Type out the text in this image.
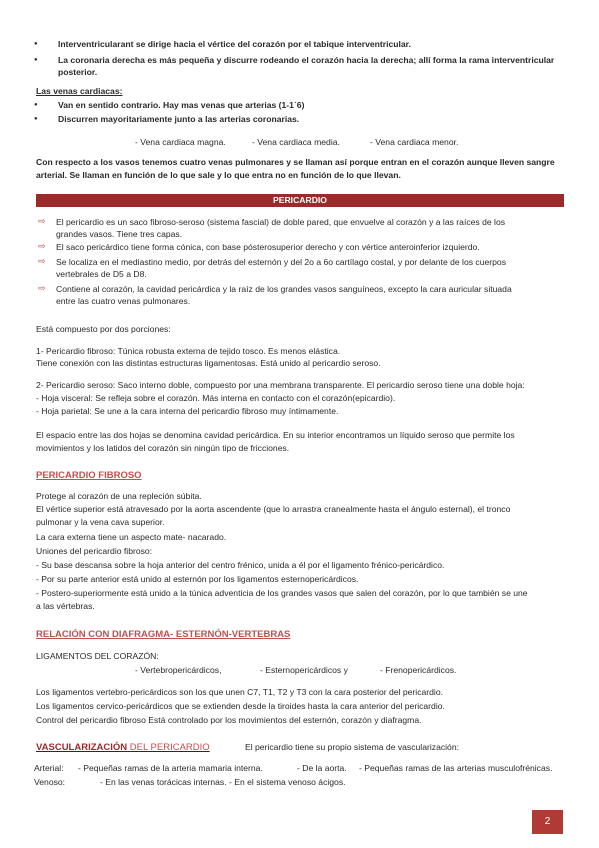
● Interventricularant se dirige hacia el vértice del corazón por el tabique interventricular.
● La coronaria derecha es más pequeña y discurre rodeando el corazón hacia la derecha; allí forma la rama interventricular
posterior.
Las venas cardiacas:
● Van en sentido contrario. Hay mas venas que arterias (1-1´6)
● Discurren mayoritariamente junto a las arterias coronarias.
- Vena cardiaca magna.	- Vena cardiaca media.	- Vena cardiaca menor.
Con respecto a los vasos tenemos cuatro venas pulmonares y se llaman así porque entran en el corazón aunque lleven sangre
arterial. Se llaman en función de lo que sale y lo que entra no en función de lo que llevan.
PERICARDIO
⇨ El pericardio es un saco fibroso-seroso (sistema fascial) de doble pared, que envuelve al corazón y a las raíces de los
grandes vasos. Tiene tres capas.
⇨ El saco pericárdico tiene forma cónica, con base pósterosuperior derecho y con vértice anteroinferior izquierdo.
⇨ Se localiza en el mediastino medio, por detrás del esternón y del 2o a 6o cartílago costal, y por delante de los cuerpos
vertebrales de D5 a D8.
⇨ Contiene al corazón, la cavidad pericárdica y la raíz de los grandes vasos sanguíneos, excepto la cara auricular situada
entre las cuatro venas pulmonares.
Está compuesto por dos porciones:
1- Pericardio fibroso: Túnica robusta externa de tejido tosco. Es menos elástica.
Tiene conexión con las distintas estructuras ligamentosas. Está unido al pericardio seroso.
2- Pericardio seroso: Saco interno doble, compuesto por una membrana transparente. El pericardio seroso tiene una doble hoja:
- Hoja visceral: Se refleja sobre el corazón. Más interna en contacto con el corazón(epicardio).
- Hoja parietal: Se une a la cara interna del pericardio fibroso muy íntimamente.
El espacio entre las dos hojas se denomina cavidad pericárdica. En su interior encontramos un líquido seroso que permite los
movimientos y los latidos del corazón sin ningún tipo de fricciones.
PERICARDIO FIBROSO
Protege al corazón de una repleción súbita.
El vértice superior está atravesado por la aorta ascendente (que lo arrastra cranealmente hasta el ángulo esternal), el tronco
pulmonar y la vena cava superior.
La cara externa tiene un aspecto mate- nacarado.
Uniones del pericardio fibroso:
- Su base descansa sobre la hoja anterior del centro frénico, unida a él por el ligamento frénico-pericárdico.
- Por su parte anterior está unido al esternón por los ligamentos esternopericárdicos.
- Postero-superiormente está unido a la túnica adventicia de los grandes vasos que salen del corazón, por lo que también se une
a las vértebras.
RELACIÓN CON DIAFRAGMA- ESTERNÓN-VERTEBRAS
LIGAMENTOS DEL CORAZÓN:
- Vertebropericárdicos,	- Esternopericárdicos y	- Frenopericárdicos.
Los ligamentos vertebro-pericárdicos son los que unen C7, T1, T2 y T3 con la cara posterior del pericardio.
Los ligamentos cervico-pericárdicos que se extienden desde la tiroides hasta la cara anterior del pericardio.
Control del pericardio fibroso Está controlado por los movimientos del esternón, corazón y diafragma.
VASCULARIZACIÓN DEL PERICARDIO	El pericardio tiene su propio sistema de vascularización:
Arterial: - Pequeñas ramas de la arteria mamaria interna.	- De la aorta. - Pequeñas ramas de las arterias musculofrénicas.
Venoso:	- En las venas torácicas internas. - En el sistema venoso ácigos.
2
